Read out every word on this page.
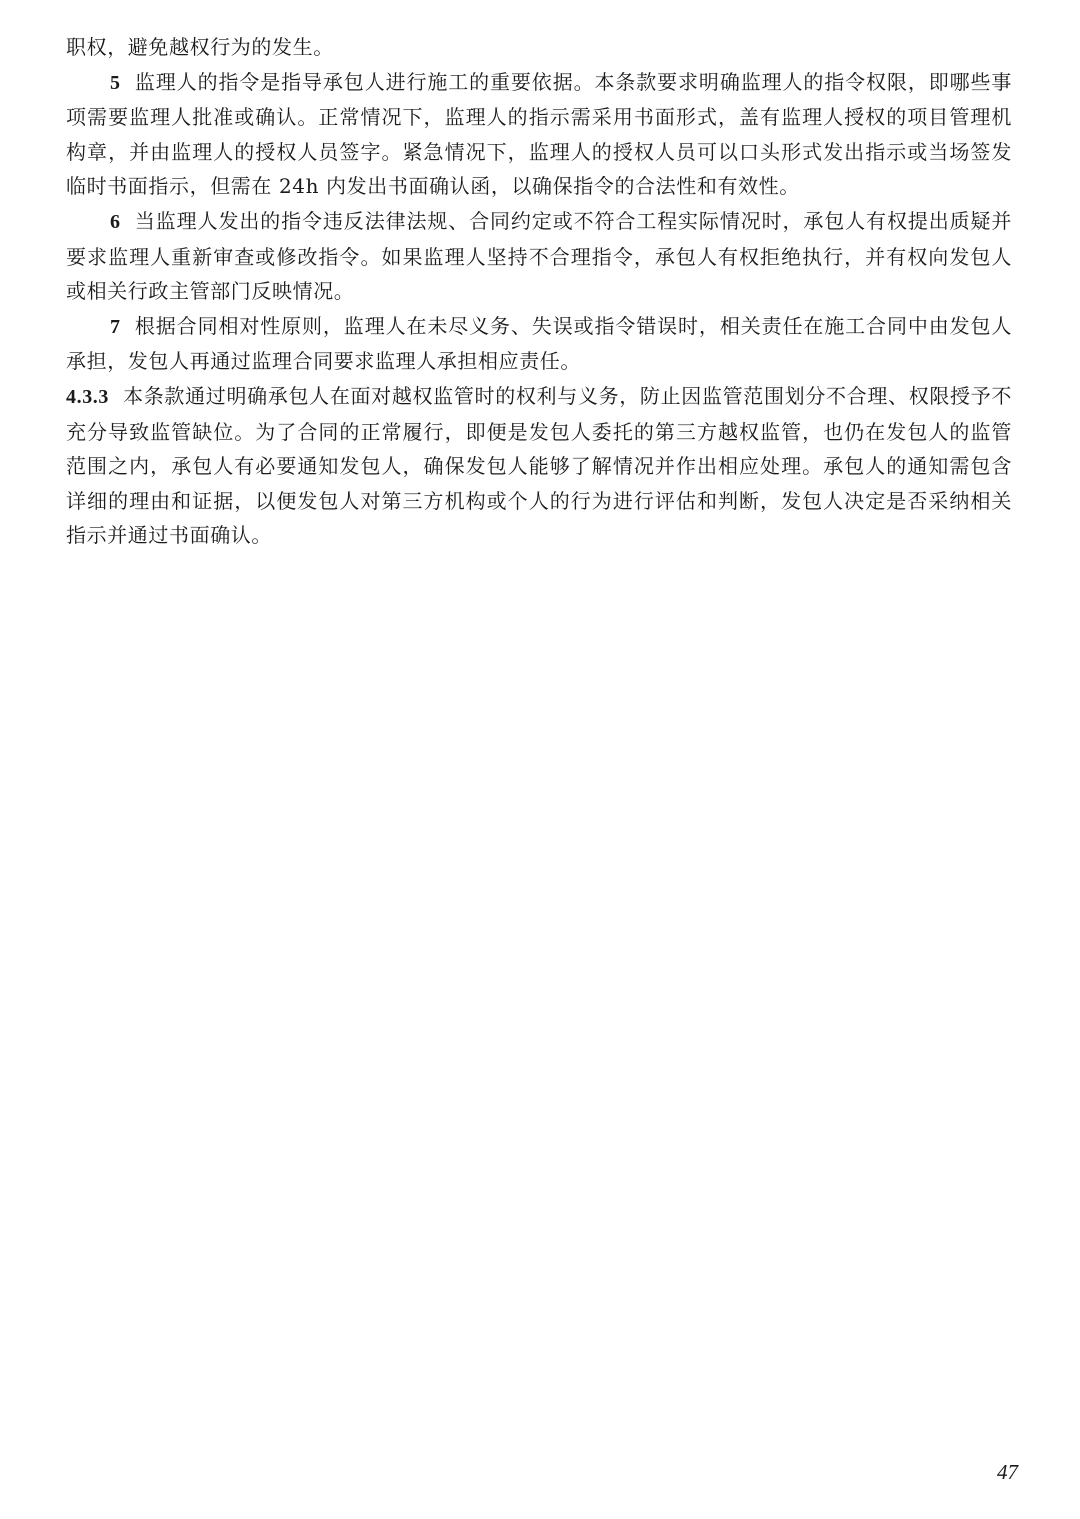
职权，避免越权行为的发生。

5 监理人的指令是指导承包人进行施工的重要依据。本条款要求明确监理人的指令权限，即哪些事项需要监理人批准或确认。正常情况下，监理人的指示需采用书面形式，盖有监理人授权的项目管理机构章，并由监理人的授权人员签字。紧急情况下，监理人的授权人员可以口头形式发出指示或当场签发临时书面指示，但需在 24h 内发出书面确认函，以确保指令的合法性和有效性。

6 当监理人发出的指令违反法律法规、合同约定或不符合工程实际情况时，承包人有权提出质疑并要求监理人重新审查或修改指令。如果监理人坚持不合理指令，承包人有权拒绝执行，并有权向发包人或相关行政主管部门反映情况。

7 根据合同相对性原则，监理人在未尽义务、失误或指令错误时，相关责任在施工合同中由发包人承担，发包人再通过监理合同要求监理人承担相应责任。

4.3.3 本条款通过明确承包人在面对越权监管时的权利与义务，防止因监管范围划分不合理、权限授予不充分导致监管缺位。为了合同的正常履行，即便是发包人委托的第三方越权监管，也仍在发包人的监管范围之内，承包人有必要通知发包人，确保发包人能够了解情况并作出相应处理。承包人的通知需包含详细的理由和证据，以便发包人对第三方机构或个人的行为进行评估和判断，发包人决定是否采纳相关指示并通过书面确认。

47
